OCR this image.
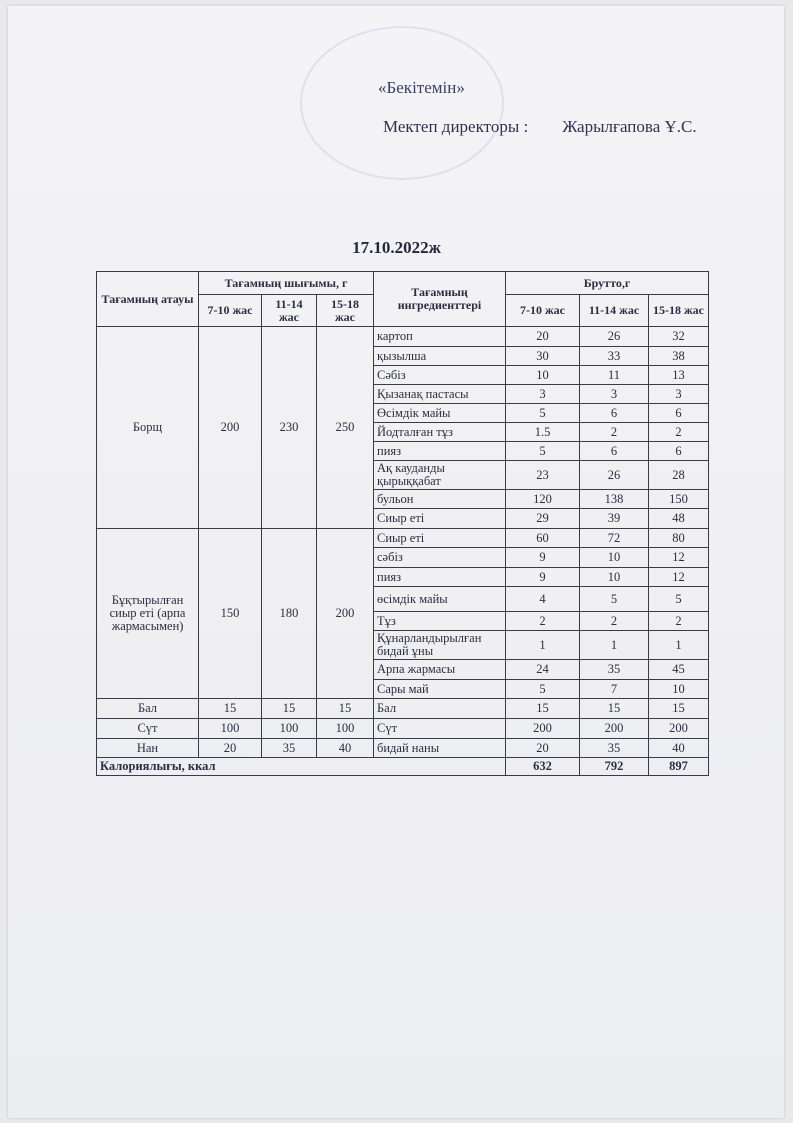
«Бекітемін»
Мектеп директоры : Жарылғапова Ұ.С.
17.10.2022ж
Тағамның атауы	Тағамның шығымы, г			Тағамның ингредиенттері	Брутто,г		
	7-10 жас	11-14 жас	15-18 жас		7-10 жас	11-14 жас	15-18 жас
Борщ	200	230	250	картоп	20	26	32
				қызылша	30	33	38
				Сәбіз	10	11	13
				Қызанақ пастасы	3	3	3
				Өсімдік майы	5	6	6
				Йодталған тұз	1.5	2	2
				пияз	5	6	6
				Ақ кауданды қырыққабат	23	26	28
				бульон	120	138	150
				Сиыр еті	29	39	48
Бұқтырылған сиыр еті (арпа жармасымен)	150	180	200	Сиыр еті	60	72	80
				сәбіз	9	10	12
				пияз	9	10	12
				өсімдік майы	4	5	5
				Тұз	2	2	2
				Құнарландырылған бидай ұны	1	1	1
				Арпа жармасы	24	35	45
				Сары май	5	7	10
Бал	15	15	15	Бал	15	15	15
Сүт	100	100	100	Сүт	200	200	200
Нан	20	35	40	бидай наны	20	35	40
Калориялығы, ккал					632	792	897
